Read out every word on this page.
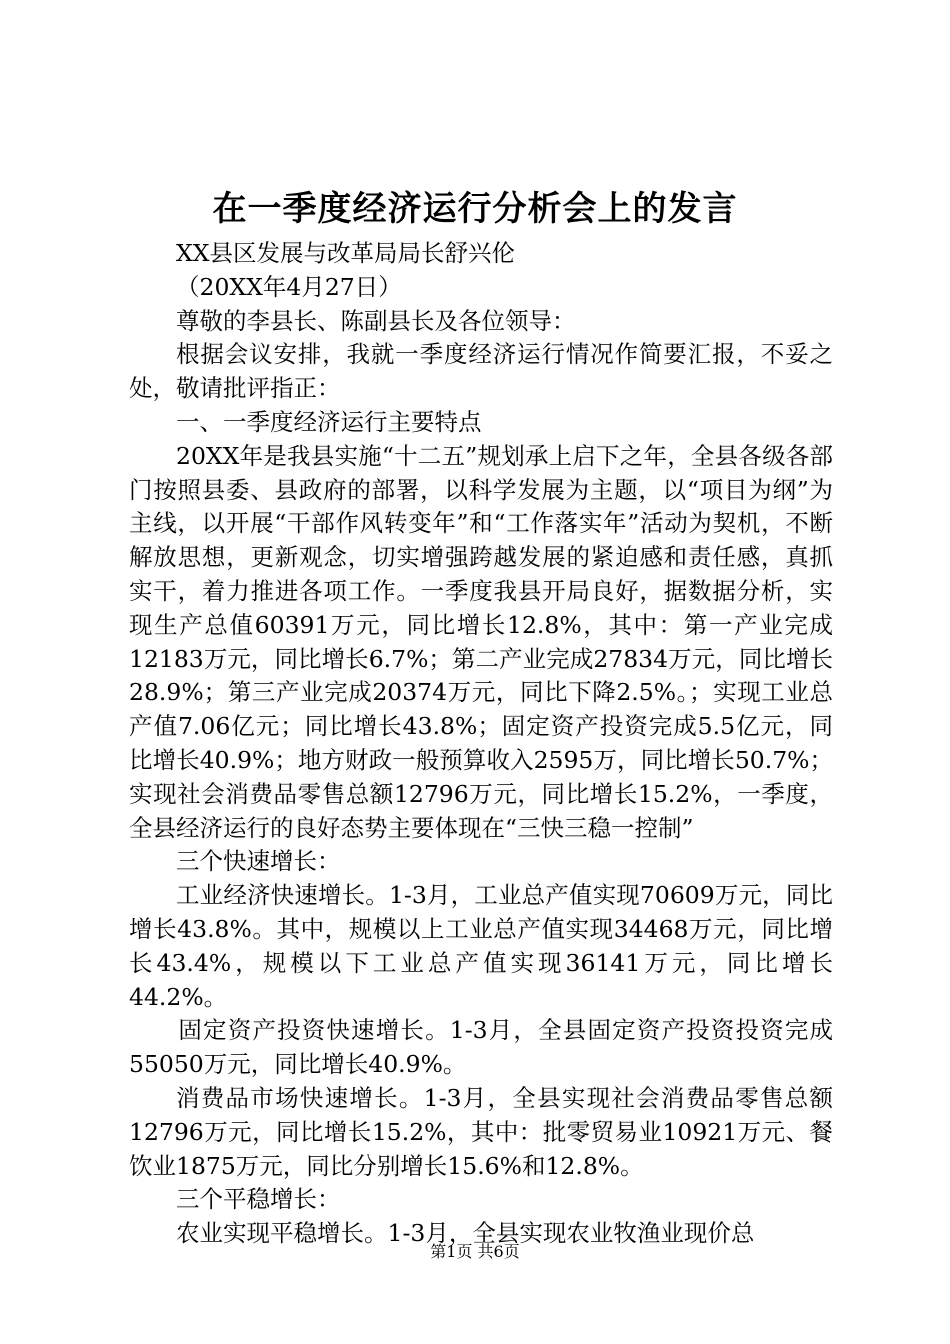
在一季度经济运行分析会上的发言

XX县区发展与改革局局长舒兴伦

（20XX年4月27日）

尊敬的李县长、陈副县长及各位领导：

根据会议安排，我就一季度经济运行情况作简要汇报，不妥之处，敬请批评指正：

一、一季度经济运行主要特点

20XX年是我县实施“十二五”规划承上启下之年，全县各级各部门按照县委、县政府的部署，以科学发展为主题，以“项目为纲”为主线，以开展“干部作风转变年”和“工作落实年”活动为契机，不断解放思想，更新观念，切实增强跨越发展的紧迫感和责任感，真抓实干，着力推进各项工作。一季度我县开局良好，据数据分析，实现生产总值60391万元，同比增长12.8%，其中：第一产业完成12183万元，同比增长6.7%；第二产业完成27834万元，同比增长28.9%；第三产业完成20374万元，同比下降2.5%。；实现工业总产值7.06亿元；同比增长43.8%；固定资产投资完成5.5亿元，同比增长40.9%；地方财政一般预算收入2595万，同比增长50.7%；实现社会消费品零售总额12796万元，同比增长15.2%，一季度，全县经济运行的良好态势主要体现在“三快三稳一控制”

三个快速增长：

工业经济快速增长。1-3月，工业总产值实现70609万元，同比增长43.8%。其中，规模以上工业总产值实现34468万元，同比增长43.4%，规模以下工业总产值实现36141万元，同比增长44.2%。

固定资产投资快速增长。1-3月，全县固定资产投资投资完成55050万元，同比增长40.9%。

消费品市场快速增长。1-3月，全县实现社会消费品零售总额12796万元，同比增长15.2%，其中：批零贸易业10921万元、餐饮业1875万元，同比分别增长15.6%和12.8%。

三个平稳增长：

农业实现平稳增长。1-3月，全县实现农业牧渔业现价总

第1页 共6页
